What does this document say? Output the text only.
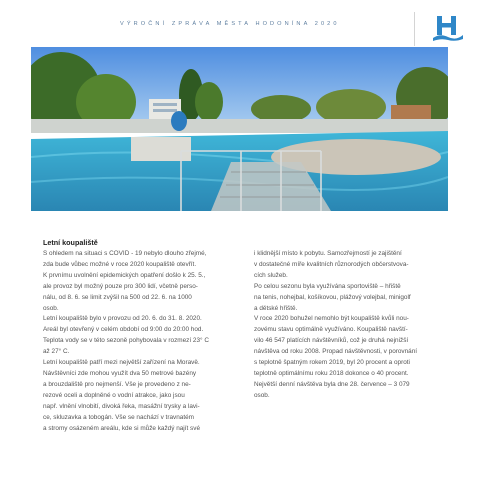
VÝROČNÍ ZPRÁVA MĚSTA HODONÍNA 2020
Letní koupaliště
S ohledem na situaci s COVID - 19 nebylo dlouho zřejmé,
zda bude vůbec možné v roce 2020 koupaliště otevřít.
K prvnímu uvolnění epidemických opatření došlo k 25. 5.,
ale provoz byl možný pouze pro 300 lidí, včetně perso-
nálu, od 8. 6. se limit zvýšil na 500 od 22. 6. na 1000
osob.
Letní koupaliště bylo v provozu od 20. 6. do 31. 8. 2020.
Areál byl otevřený v celém období od 9:00 do 20:00 hod.
Teplota vody se v této sezoně pohybovala v rozmezí 23° C
až 27° C.
Letní koupaliště patří mezi největší zařízení na Moravě.
Návštěvníci zde mohou využít dva 50 metrové bazény
a brouzdaliště pro nejmenší. Vše je provedeno z ne-
rezové oceli a doplněné o vodní atrakce, jako jsou
např. vlnění vlnobití, divoká řeka, masážní trysky a lavi-
ce, skluzavka a tobogán. Vše se nachází v travnatém
a stromy osázeném areálu, kde si může každý najít své
i klidnější místo k pobytu. Samozřejmostí je zajištění
v dostatečné míře kvalitních různorodých občerstvova-
cích služeb.
Po celou sezonu byla využívána sportoviště – hřiště
na tenis, nohejbal, košíkovou, plážový volejbal, minigolf
a dětské hřiště.
V roce 2020 bohužel nemohlo být koupaliště kvůli nou-
zovému stavu optimálně využíváno. Koupaliště navští-
vilo 46 547 platících návštěvníků, což je druhá nejnižší
návštěva od roku 2008. Propad návštěvnosti, v porovnání
s teplotně špatným rokem 2019, byl 20 procent a oproti
teplotně optimálnímu roku 2018 dokonce o 40 procent.
Největší denní návštěva byla dne 28. července – 3 079
osob.
